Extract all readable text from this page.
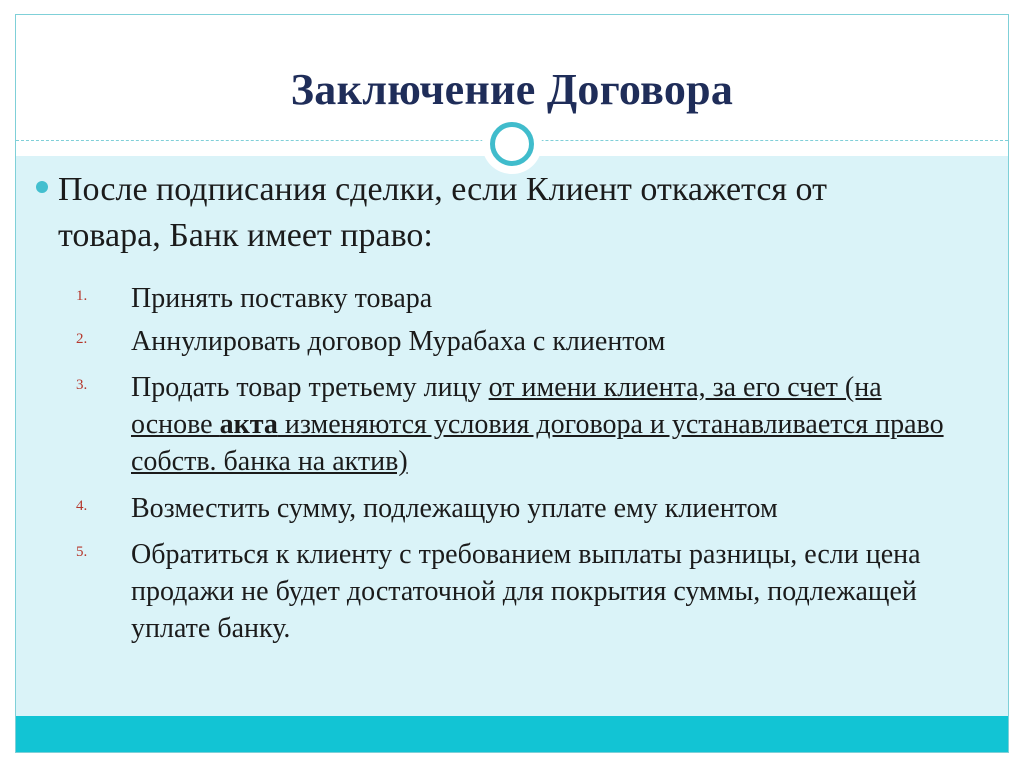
Заключение Договора
После подписания сделки, если Клиент откажется от товара, Банк имеет право:
1. Принять поставку товара
2. Аннулировать договор Мурабаха с клиентом
3. Продать товар третьему лицу от имени клиента, за его счет (на основе акта изменяются условия договора и устанавливается право собств. банка на актив)
4. Возместить сумму, подлежащую уплате ему клиентом
5. Обратиться к клиенту с требованием выплаты разницы, если цена продажи не будет достаточной для покрытия суммы, подлежащей уплате банку.
